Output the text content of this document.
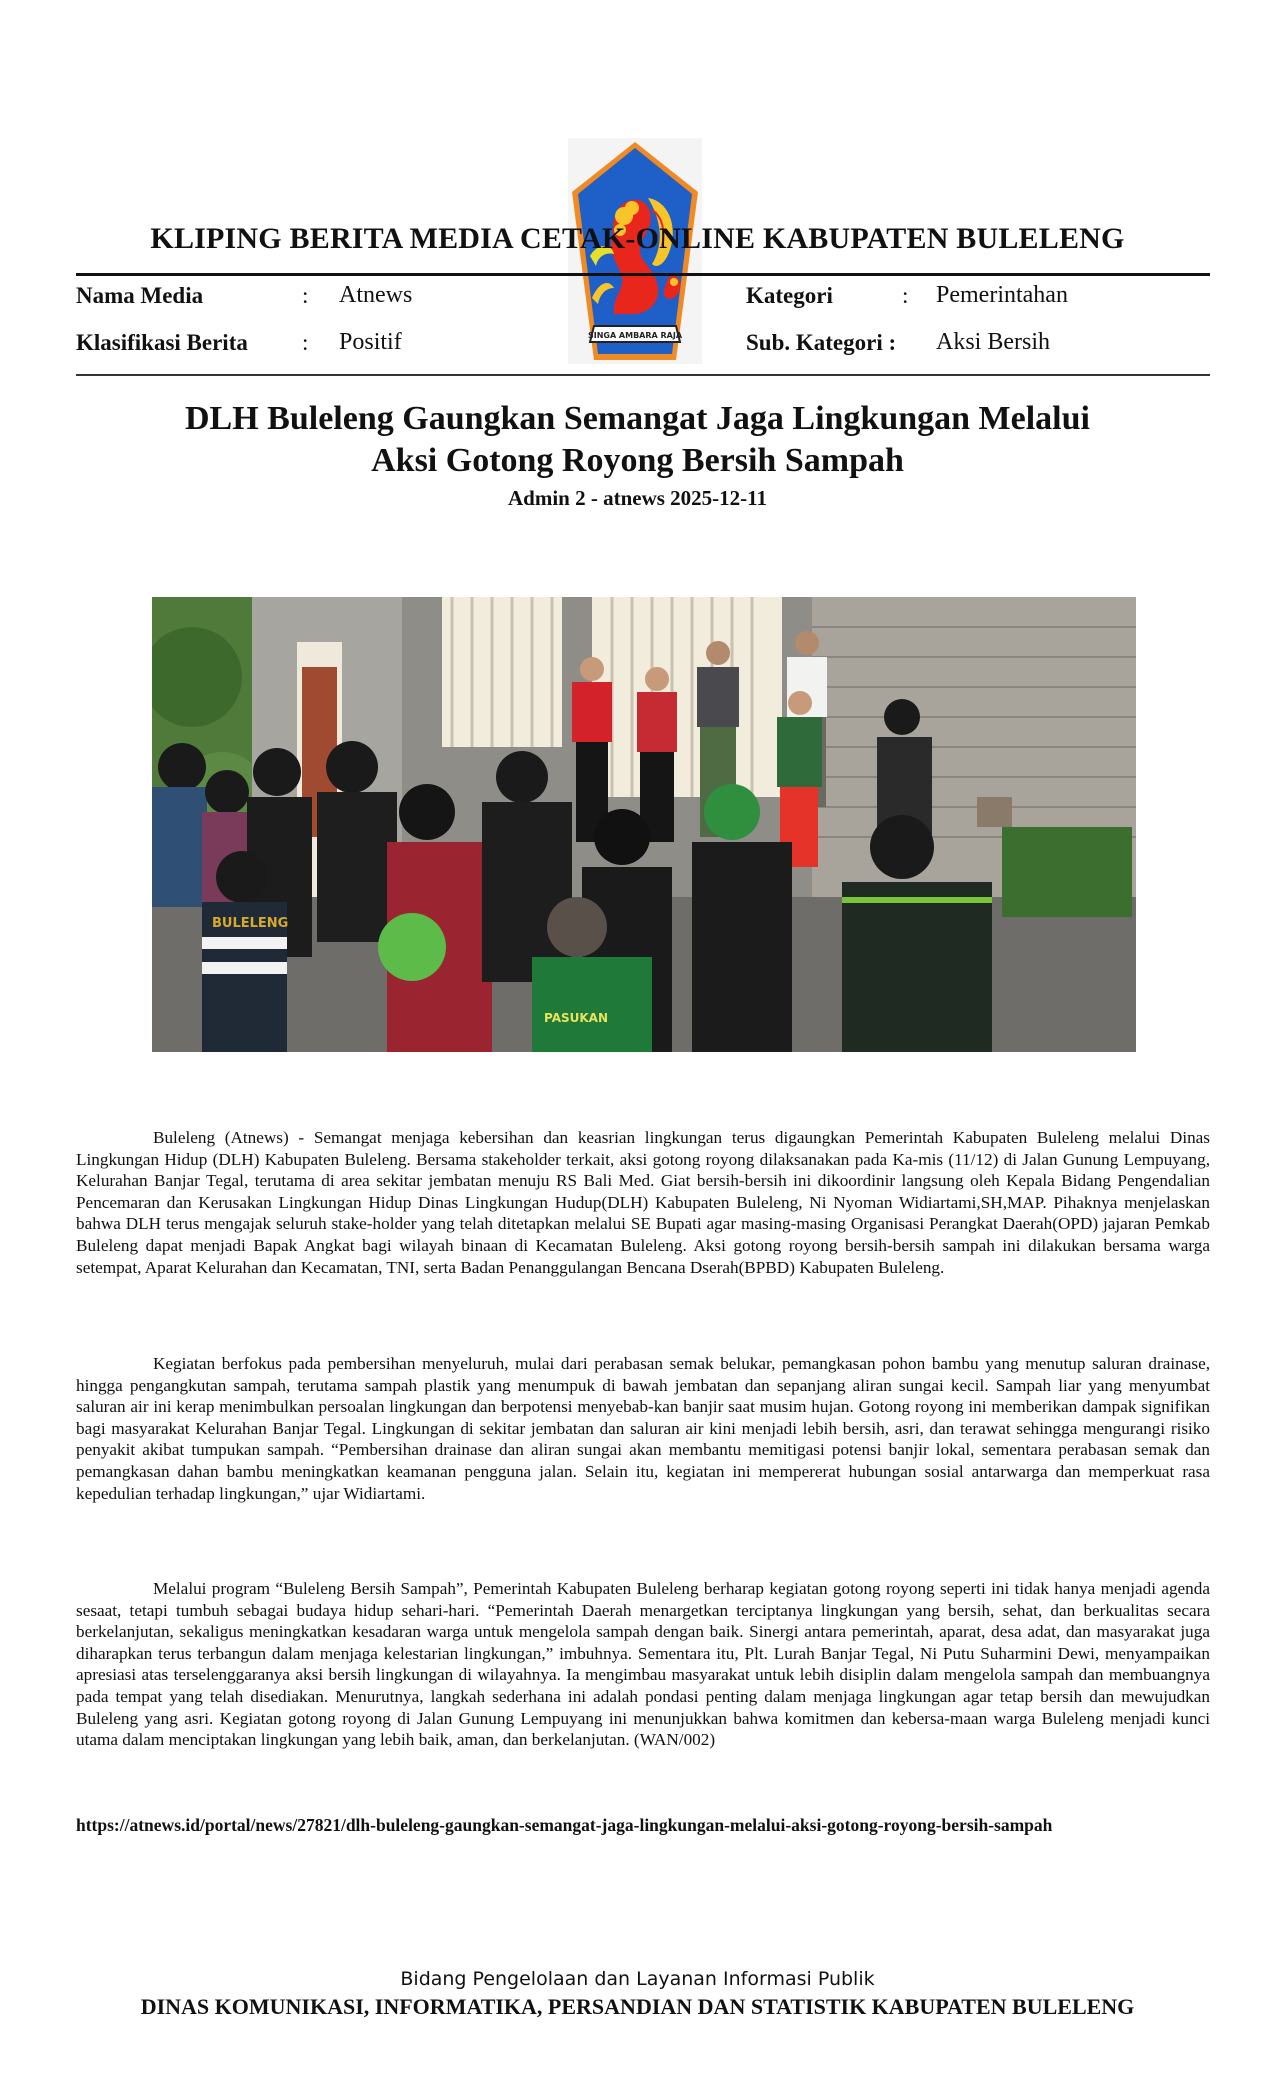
SINGA AMBARA RAJA
KLIPING BERITA MEDIA CETAK-ONLINE KABUPATEN BULELENG
Nama Media	: Atnews	Kategori	: Pemerintahan
Klasifikasi Berita : Positif	Sub. Kategori : Aksi Bersih
DLH Buleleng Gaungkan Semangat Jaga Lingkungan Melalui
Aksi Gotong Royong Bersih Sampah
Admin 2 - atnews 2025-12-11
BULELENG
PASUKAN

Buleleng (Atnews) - Semangat menjaga kebersihan dan keasrian lingkungan terus digaungkan Pemerintah Kabupaten Buleleng melalui Dinas Lingkungan Hidup (DLH) Kabupaten Buleleng. Bersama stakeholder terkait, aksi gotong royong dilaksanakan pada Ka-mis (11/12) di Jalan Gunung Lempuyang, Kelurahan Banjar Tegal, terutama di area sekitar jembatan menuju RS Bali Med. Giat bersih-bersih ini dikoordinir langsung oleh Kepala Bidang Pengendalian Pencemaran dan Kerusakan Lingkungan Hidup Dinas Lingkungan Hudup(DLH) Kabupaten Buleleng, Ni Nyoman Widiartami,SH,MAP. Pihaknya menjelaskan bahwa DLH terus mengajak seluruh stake-holder yang telah ditetapkan melalui SE Bupati agar masing-masing Organisasi Perangkat Daerah(OPD) jajaran Pemkab Buleleng dapat menjadi Bapak Angkat bagi wilayah binaan di Kecamatan Buleleng. Aksi gotong royong bersih-bersih sampah ini dilakukan bersama warga setempat, Aparat Kelurahan dan Kecamatan, TNI, serta Badan Penanggulangan Bencana Dserah(BPBD) Kabupaten Buleleng.

Kegiatan berfokus pada pembersihan menyeluruh, mulai dari perabasan semak belukar, pemangkasan pohon bambu yang menutup saluran drainase, hingga pengangkutan sampah, terutama sampah plastik yang menumpuk di bawah jembatan dan sepanjang aliran sungai kecil. Sampah liar yang menyumbat saluran air ini kerap menimbulkan persoalan lingkungan dan berpotensi menyebab-kan banjir saat musim hujan. Gotong royong ini memberikan dampak signifikan bagi masyarakat Kelurahan Banjar Tegal. Lingkungan di sekitar jembatan dan saluran air kini menjadi lebih bersih, asri, dan terawat sehingga mengurangi risiko penyakit akibat tumpukan sampah. “Pembersihan drainase dan aliran sungai akan membantu memitigasi potensi banjir lokal, sementara perabasan semak dan pemangkasan dahan bambu meningkatkan keamanan pengguna jalan. Selain itu, kegiatan ini mempererat hubungan sosial antarwarga dan memperkuat rasa kepedulian terhadap lingkungan,” ujar Widiartami.

Melalui program “Buleleng Bersih Sampah”, Pemerintah Kabupaten Buleleng berharap kegiatan gotong royong seperti ini tidak hanya menjadi agenda sesaat, tetapi tumbuh sebagai budaya hidup sehari-hari. “Pemerintah Daerah menargetkan terciptanya lingkungan yang bersih, sehat, dan berkualitas secara berkelanjutan, sekaligus meningkatkan kesadaran warga untuk mengelola sampah dengan baik. Sinergi antara pemerintah, aparat, desa adat, dan masyarakat juga diharapkan terus terbangun dalam menjaga kelestarian lingkungan,” imbuhnya. Sementara itu, Plt. Lurah Banjar Tegal, Ni Putu Suharmini Dewi, menyampaikan apresiasi atas terselenggaranya aksi bersih lingkungan di wilayahnya. Ia mengimbau masyarakat untuk lebih disiplin dalam mengelola sampah dan membuangnya pada tempat yang telah disediakan. Menurutnya, langkah sederhana ini adalah pondasi penting dalam menjaga lingkungan agar tetap bersih dan mewujudkan Buleleng yang asri. Kegiatan gotong royong di Jalan Gunung Lempuyang ini menunjukkan bahwa komitmen dan kebersa-maan warga Buleleng menjadi kunci utama dalam menciptakan lingkungan yang lebih baik, aman, dan berkelanjutan. (WAN/002)

https://atnews.id/portal/news/27821/dlh-buleleng-gaungkan-semangat-jaga-lingkungan-melalui-aksi-gotong-royong-bersih-sampah
Bidang Pengelolaan dan Layanan Informasi Publik
DINAS KOMUNIKASI, INFORMATIKA, PERSANDIAN DAN STATISTIK KABUPATEN BULELENG
